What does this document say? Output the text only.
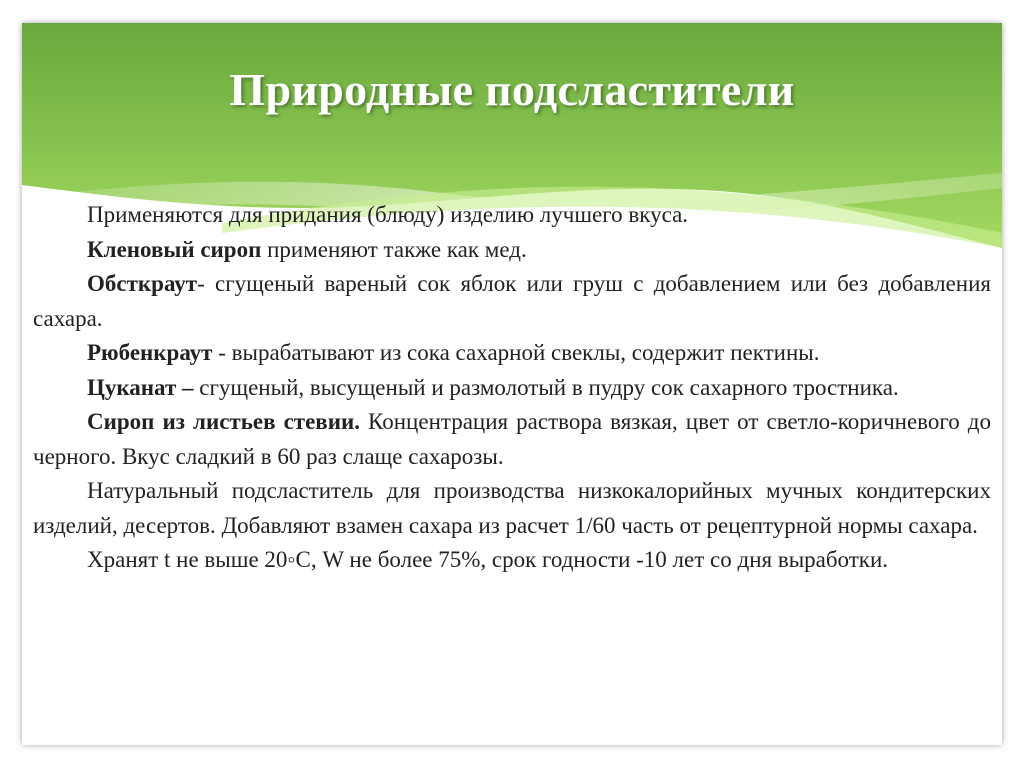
Природные подсластители

Применяются для придания (блюду) изделию лучшего вкуса.

Кленовый сироп применяют также как мед.

Обсткраут- сгущеный вареный сок яблок или груш с добавлением или без добавления сахара.

Рюбенкраут - вырабатывают из сока сахарной свеклы, содержит пектины.

Цуканат – сгущеный, высущеный и размолотый в пудру сок сахарного тростника.

Сироп из листьев стевии. Концентрация раствора вязкая, цвет от светло-коричневого до черного. Вкус сладкий в 60 раз слаще сахарозы.

Натуральный подсластитель для производства низкокалорийных мучных кондитерских изделий, десертов. Добавляют взамен сахара из расчет 1/60 часть от рецептурной нормы сахара.

Хранят t не выше 20◦С, W не более 75%, срок годности -10 лет со дня выработки.
